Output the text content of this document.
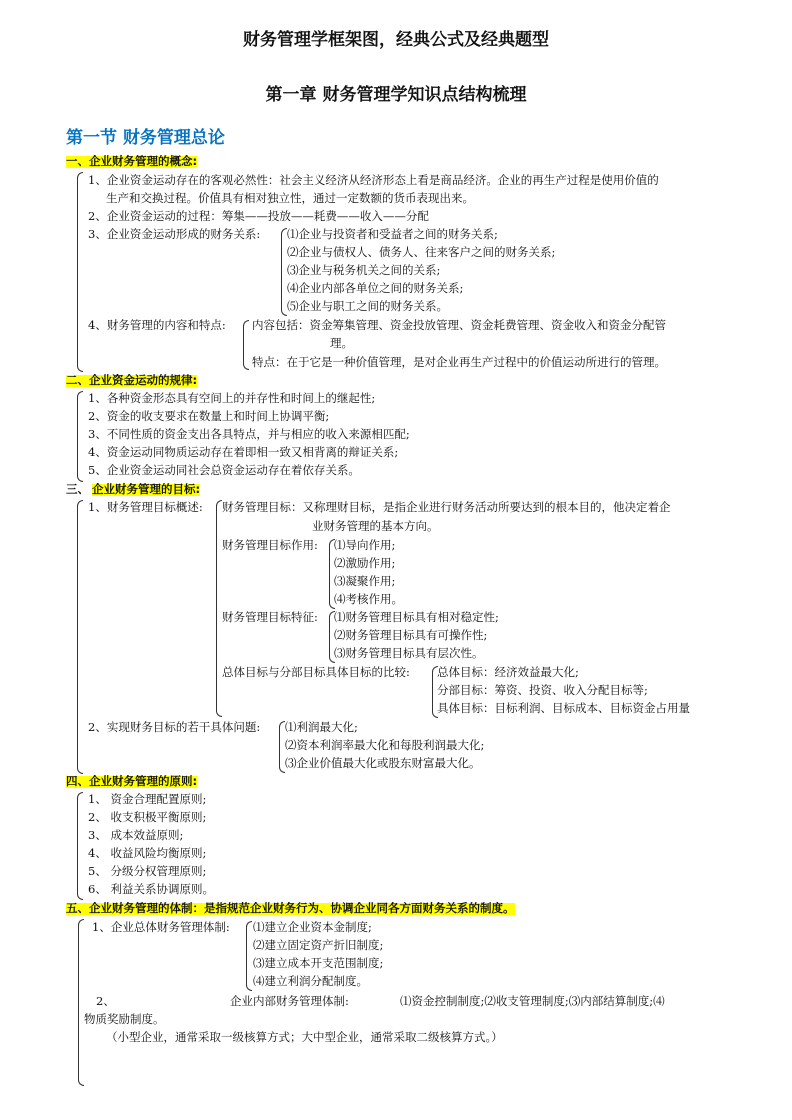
财务管理学框架图，经典公式及经典题型
第一章 财务管理学知识点结构梳理
第一节 财务管理总论
一、企业财务管理的概念:
1、企业资金运动存在的客观必然性：社会主义经济从经济形态上看是商品经济。企业的再生产过程是使用价值的
生产和交换过程。价值具有相对独立性，通过一定数额的货币表现出来。
2、企业资金运动的过程：筹集——投放——耗费——收入——分配
3、企业资金运动形成的财务关系: ⑴企业与投资者和受益者之间的财务关系;
⑵企业与债权人、债务人、往来客户之间的财务关系;
⑶企业与税务机关之间的关系;
⑷企业内部各单位之间的财务关系;
⑸企业与职工之间的财务关系。
4、财务管理的内容和特点: 内容包括：资金筹集管理、资金投放管理、资金耗费管理、资金收入和资金分配管
理。
特点：在于它是一种价值管理，是对企业再生产过程中的价值运动所进行的管理。
二、企业资金运动的规律:
1、各种资金形态具有空间上的并存性和时间上的继起性;
2、资金的收支要求在数量上和时间上协调平衡;
3、不同性质的资金支出各具特点，并与相应的收入来源相匹配;
4、资金运动同物质运动存在着即相一致又相背离的辩证关系;
5、企业资金运动同社会总资金运动存在着依存关系。
三、 企业财务管理的目标:
1、财务管理目标概述: 财务管理目标：又称理财目标，是指企业进行财务活动所要达到的根本目的，他决定着企
业财务管理的基本方向。
财务管理目标作用: ⑴导向作用;
⑵激励作用;
⑶凝聚作用;
⑷考核作用。
财务管理目标特征: ⑴财务管理目标具有相对稳定性;
⑵财务管理目标具有可操作性;
⑶财务管理目标具有层次性。
总体目标与分部目标具体目标的比较: 总体目标：经济效益最大化;
分部目标：筹资、投资、收入分配目标等;
具体目标：目标利润、目标成本、目标资金占用量
2、实现财务目标的若干具体问题: ⑴利润最大化;
⑵资本利润率最大化和每股利润最大化;
⑶企业价值最大化或股东财富最大化。
四、企业财务管理的原则:
1、 资金合理配置原则;
2、 收支积极平衡原则;
3、 成本效益原则;
4、 收益风险均衡原则;
5、 分级分权管理原则;
6、 利益关系协调原则。
五、企业财务管理的体制：是指规范企业财务行为、协调企业同各方面财务关系的制度。
1、企业总体财务管理体制: ⑴建立企业资本金制度;
⑵建立固定资产折旧制度;
⑶建立成本开支范围制度;
⑷建立利润分配制度。
2、	企业内部财务管理体制:	⑴资金控制制度;⑵收支管理制度;⑶内部结算制度;⑷
物质奖励制度。
（小型企业，通常采取一级核算方式；大中型企业，通常采取二级核算方式。）
